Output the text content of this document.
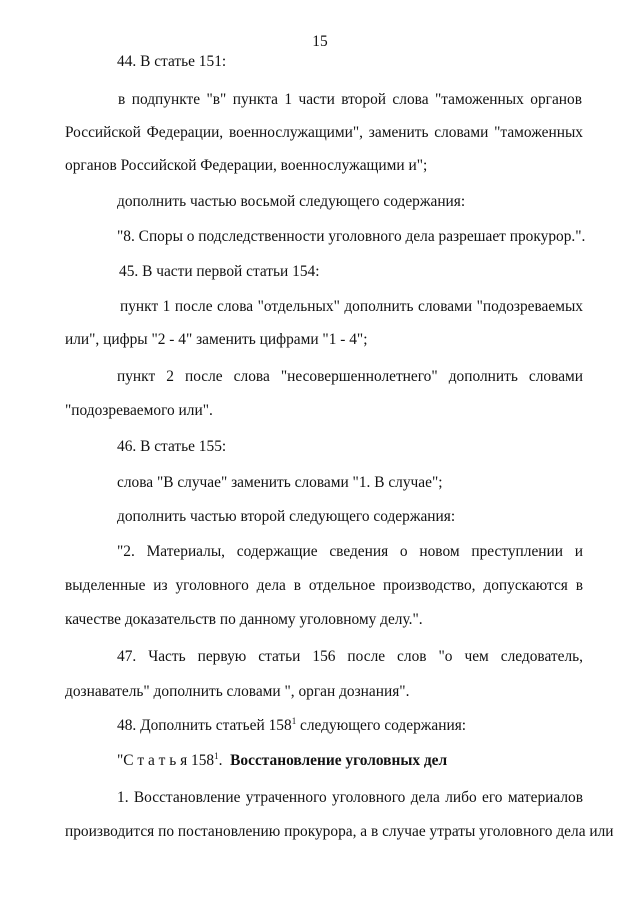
15
44. В статье 151:
в подпункте "в" пункта 1 части второй слова "таможенных органов
Российской Федерации, военнослужащими", заменить словами "таможенных
органов Российской Федерации, военнослужащими и";
дополнить частью восьмой следующего содержания:
"8. Споры о подследственности уголовного дела разрешает прокурор.".
45. В части первой статьи 154:
пункт 1 после слова "отдельных" дополнить словами "подозреваемых
или", цифры "2 - 4" заменить цифрами "1 - 4";
пункт 2 после слова "несовершеннолетнего" дополнить словами
"подозреваемого или".
46. В статье 155:
слова "В случае" заменить словами "1. В случае";
дополнить частью второй следующего содержания:
"2. Материалы, содержащие сведения о новом преступлении и
выделенные из уголовного дела в отдельное производство, допускаются в
качестве доказательств по данному уголовному делу.".
47. Часть первую статьи 156 после слов "о чем следователь,
дознаватель" дополнить словами ", орган дознания".
48. Дополнить статьей $158^1$ следующего содержания:
"С т а т ь я $158^1$. Восстановление уголовных дел
1. Восстановление утраченного уголовного дела либо его материалов
производится по постановлению прокурора, а в случае утраты уголовного дела или
